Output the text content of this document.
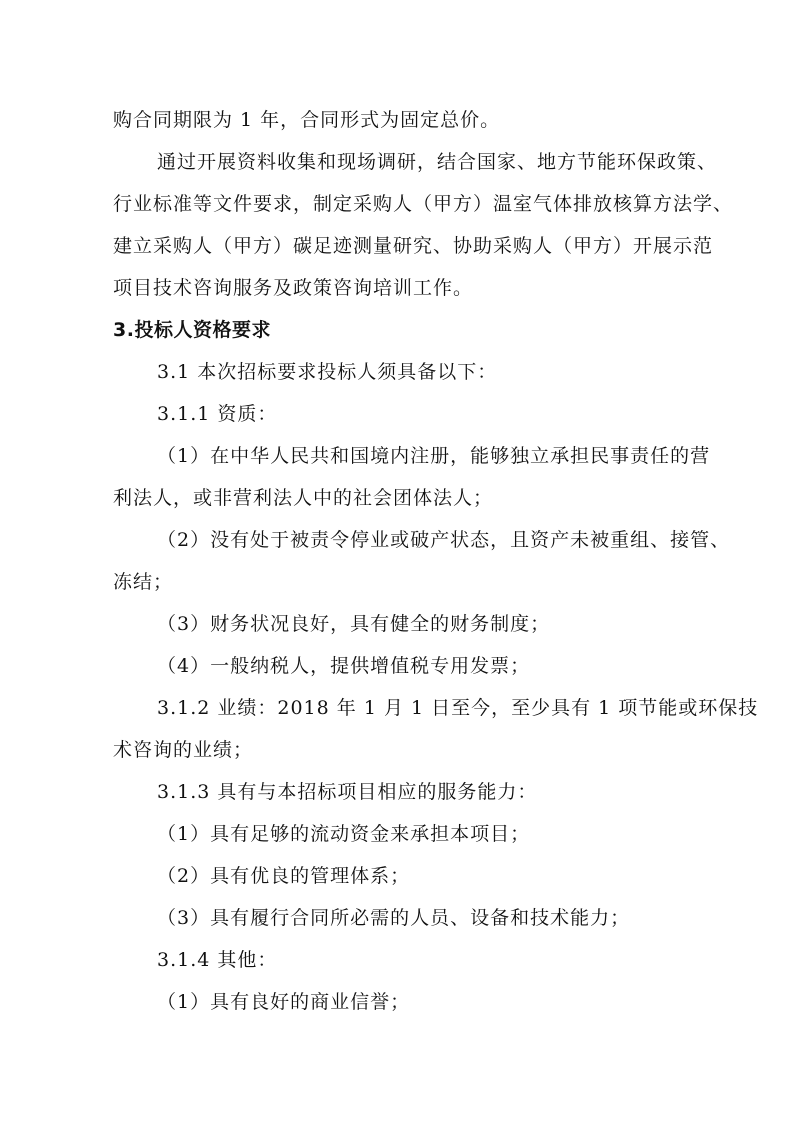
购合同期限为 1 年，合同形式为固定总价。
通过开展资料收集和现场调研，结合国家、地方节能环保政策、
行业标准等文件要求，制定采购人（甲方）温室气体排放核算方法学、
建立采购人（甲方）碳足迹测量研究、协助采购人（甲方）开展示范
项目技术咨询服务及政策咨询培训工作。
3.投标人资格要求
3.1 本次招标要求投标人须具备以下：
3.1.1 资质：
（1）在中华人民共和国境内注册，能够独立承担民事责任的营
利法人，或非营利法人中的社会团体法人；
（2）没有处于被责令停业或破产状态，且资产未被重组、接管、
冻结；
（3）财务状况良好，具有健全的财务制度；
（4）一般纳税人，提供增值税专用发票；
3.1.2 业绩：2018 年 1 月 1 日至今，至少具有 1 项节能或环保技
术咨询的业绩；
3.1.3 具有与本招标项目相应的服务能力：
（1）具有足够的流动资金来承担本项目；
（2）具有优良的管理体系；
（3）具有履行合同所必需的人员、设备和技术能力；
3.1.4 其他：
（1）具有良好的商业信誉；
